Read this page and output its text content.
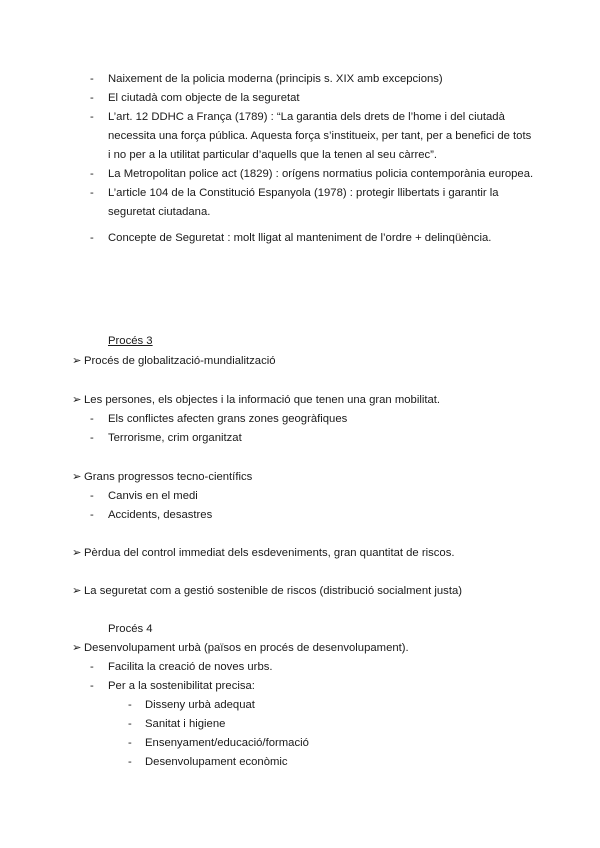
- Naixement de la policia moderna (principis s. XIX amb excepcions)
- El ciutadà com objecte de la seguretat
- L’art. 12 DDHC a França (1789) : “La garantia dels drets de l’home i del ciutadà
necessita una força pública. Aquesta força s’institueix, per tant, per a benefici de tots
i no per a la utilitat particular d’aquells que la tenen al seu càrrec”.
- La Metropolitan police act (1829) : orígens normatius policia contemporània europea.
- L’article 104 de la Constitució Espanyola (1978) : protegir llibertats i garantir la
seguretat ciutadana.
- Concepte de Seguretat : molt lligat al manteniment de l’ordre + delinqüència.
Procés 3
➢ Procés de globalització-mundialització
➢ Les persones, els objectes i la informació que tenen una gran mobilitat.
- Els conflictes afecten grans zones geogràfiques
- Terrorisme, crim organitzat
➢ Grans progressos tecno-científics
- Canvis en el medi
- Accidents, desastres
➢ Pèrdua del control immediat dels esdeveniments, gran quantitat de riscos.
➢ La seguretat com a gestió sostenible de riscos (distribució socialment justa)
Procés 4
➢ Desenvolupament urbà (països en procés de desenvolupament).
- Facilita la creació de noves urbs.
- Per a la sostenibilitat precisa:
- Disseny urbà adequat
- Sanitat i higiene
- Ensenyament/educació/formació
- Desenvolupament econòmic
